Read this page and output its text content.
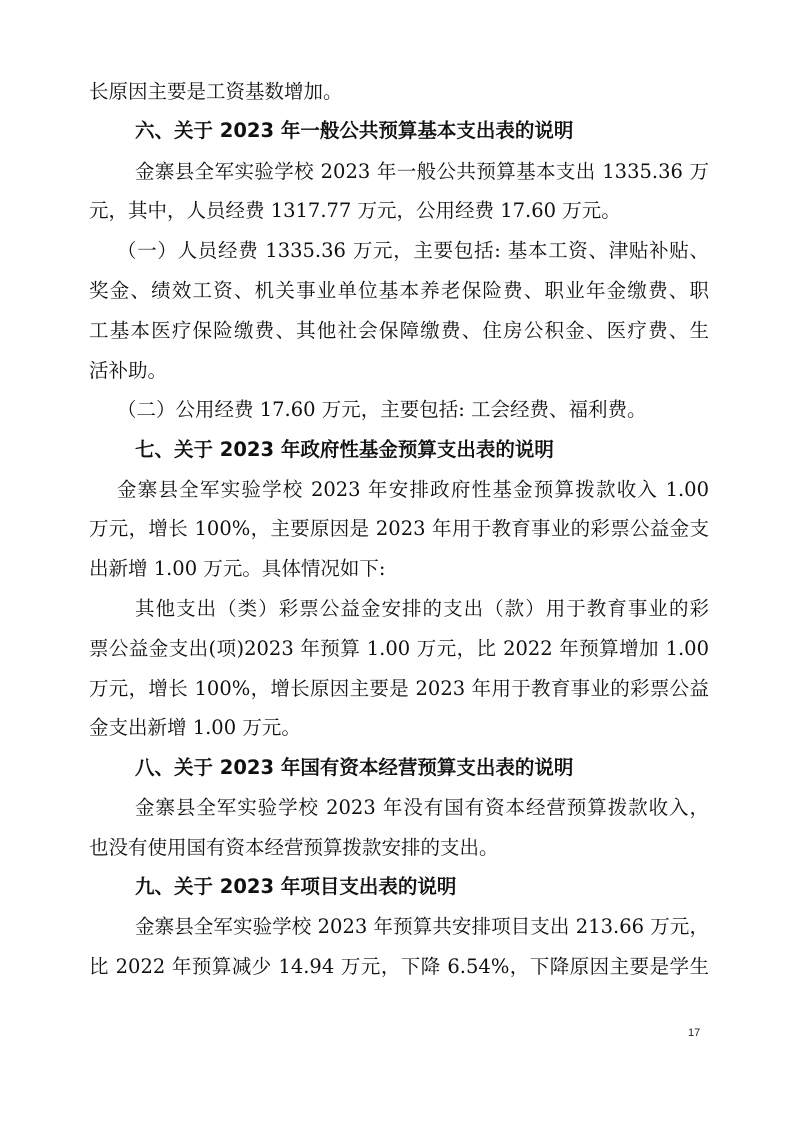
长原因主要是工资基数增加。
六、关于 2023 年一般公共预算基本支出表的说明
金寨县全军实验学校 2023 年一般公共预算基本支出 1335.36 万
元，其中，人员经费 1317.77 万元，公用经费 17.60 万元。
（一）人员经费 1335.36 万元，主要包括: 基本工资、津贴补贴、
奖金、绩效工资、机关事业单位基本养老保险费、职业年金缴费、职
工基本医疗保险缴费、其他社会保障缴费、住房公积金、医疗费、生
活补助。
（二）公用经费 17.60 万元，主要包括: 工会经费、福利费。
七、关于 2023 年政府性基金预算支出表的说明
金寨县全军实验学校 2023 年安排政府性基金预算拨款收入 1.00
万元，增长 100%，主要原因是 2023 年用于教育事业的彩票公益金支
出新增 1.00 万元。具体情况如下:
其他支出（类）彩票公益金安排的支出（款）用于教育事业的彩
票公益金支出(项)2023 年预算 1.00 万元，比 2022 年预算增加 1.00
万元，增长 100%，增长原因主要是 2023 年用于教育事业的彩票公益
金支出新增 1.00 万元。
八、关于 2023 年国有资本经营预算支出表的说明
金寨县全军实验学校 2023 年没有国有资本经营预算拨款收入，
也没有使用国有资本经营预算拨款安排的支出。
九、关于 2023 年项目支出表的说明
金寨县全军实验学校 2023 年预算共安排项目支出 213.66 万元，
比 2022 年预算减少 14.94 万元，下降 6.54%，下降原因主要是学生
17
